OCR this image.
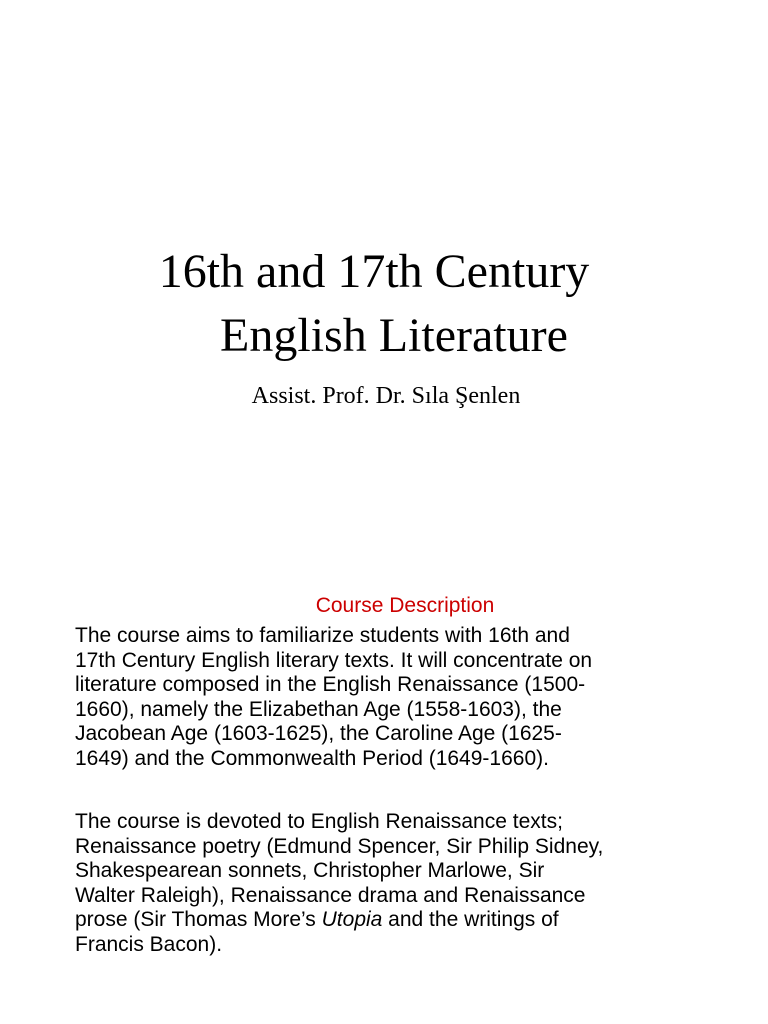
16th and 17th Century
English Literature
Assist. Prof. Dr. Sıla Şenlen
Course Description
The course aims to familiarize students with 16th and
17th Century English literary texts. It will concentrate on
literature composed in the English Renaissance (1500-
1660), namely the Elizabethan Age (1558-1603), the
Jacobean Age (1603-1625), the Caroline Age (1625-
1649) and the Commonwealth Period (1649-1660).
The course is devoted to English Renaissance texts;
Renaissance poetry (Edmund Spencer, Sir Philip Sidney,
Shakespearean sonnets, Christopher Marlowe, Sir
Walter Raleigh), Renaissance drama and Renaissance
prose (Sir Thomas More’s Utopia and the writings of
Francis Bacon).
